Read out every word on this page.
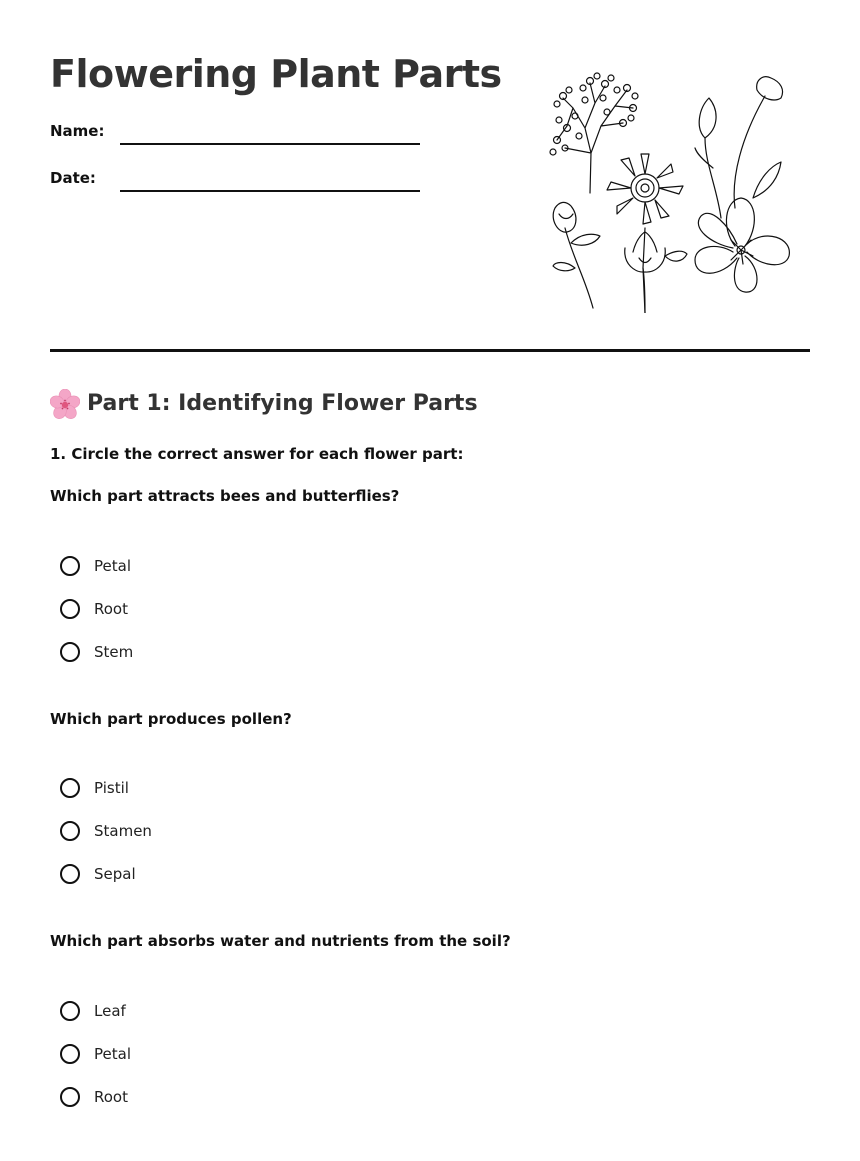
Flowering Plant Parts
Name:
Date:
Part 1: Identifying Flower Parts
1. Circle the correct answer for each flower part:
Which part attracts bees and butterflies?
Petal
Root
Stem
Which part produces pollen?
Pistil
Stamen
Sepal
Which part absorbs water and nutrients from the soil?
Leaf
Petal
Root
